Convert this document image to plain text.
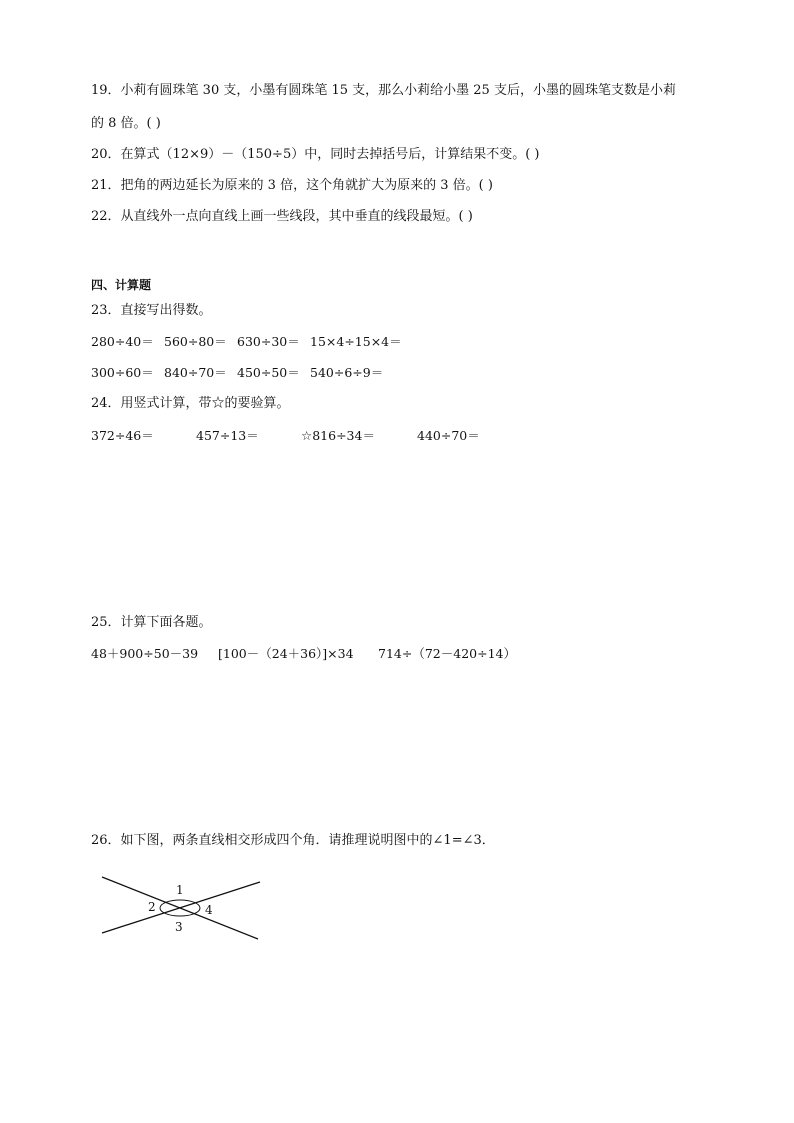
19．小莉有圆珠笔 30 支，小墨有圆珠笔 15 支，那么小莉给小墨 25 支后，小墨的圆珠笔支数是小莉
的 8 倍。( )
20．在算式（12×9）－（150÷5）中，同时去掉括号后，计算结果不变。( )
21．把角的两边延长为原来的 3 倍，这个角就扩大为原来的 3 倍。( )
22．从直线外一点向直线上画一些线段，其中垂直的线段最短。( )
四、计算题
23．直接写出得数。
280÷40＝ 560÷80＝ 630÷30＝ 15×4÷15×4＝
300÷60＝ 840÷70＝ 450÷50＝ 540÷6÷9＝
24．用竖式计算，带☆的要验算。
372÷46＝	457÷13＝	☆816÷34＝	440÷70＝
25．计算下面各题。
48＋900÷50－39 [100－（24＋36）]×34 714÷（72－420÷14）
26．如下图，两条直线相交形成四个角．请推理说明图中的∠1=∠3．
1
2
3
4
